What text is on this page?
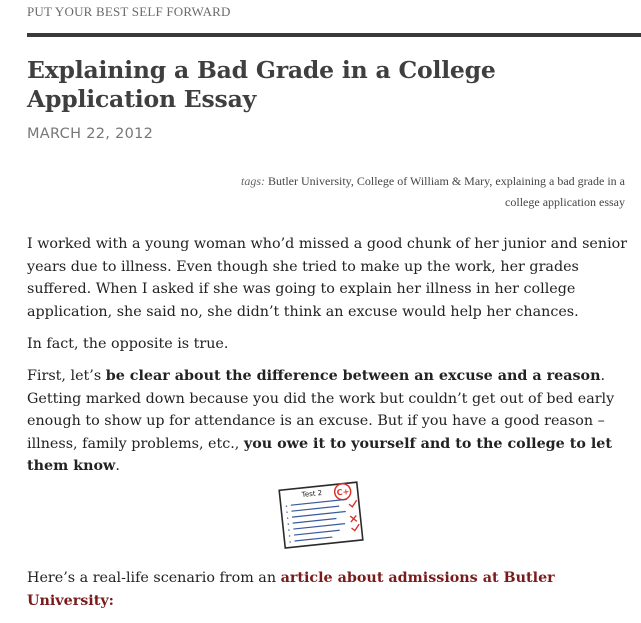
PUT YOUR BEST SELF FORWARD
Explaining a Bad Grade in a College Application Essay
MARCH 22, 2012
tags: Butler University, College of William & Mary, explaining a bad grade in a college application essay

I worked with a young woman who’d missed a good chunk of her junior and senior years due to illness. Even though she tried to make up the work, her grades suffered. When I asked if she was going to explain her illness in her college application, she said no, she didn’t think an excuse would help her chances.

In fact, the opposite is true.

First, let’s be clear about the difference between an excuse and a reason. Getting marked down because you did the work but couldn’t get out of bed early enough to show up for attendance is an excuse. But if you have a good reason – illness, family problems, etc., you owe it to yourself and to the college to let them know.

Test 2 C+

Here’s a real-life scenario from an article about admissions at Butler University:
